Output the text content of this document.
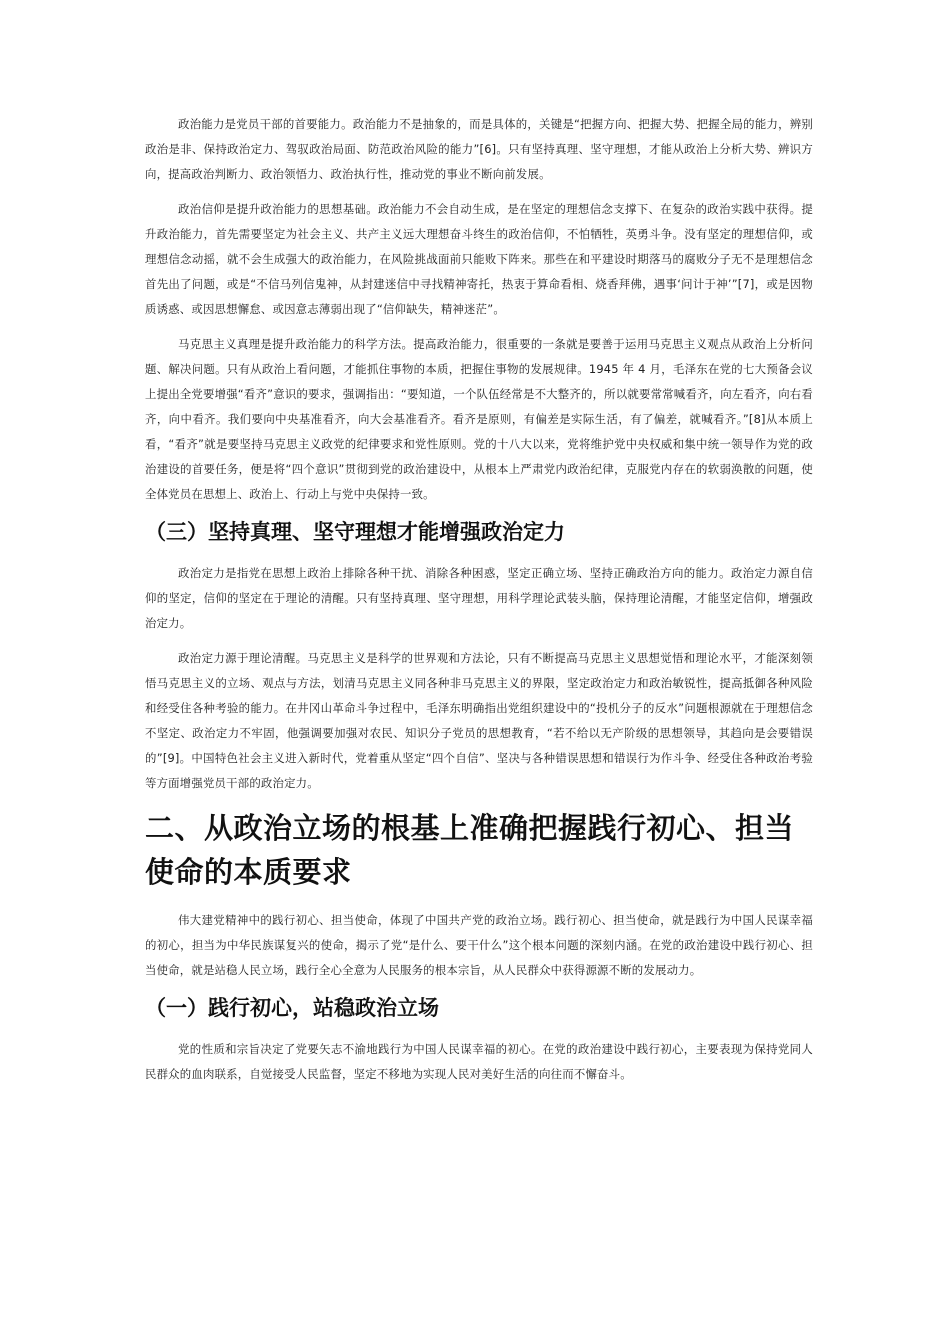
政治能力是党员干部的首要能力。政治能力不是抽象的，而是具体的，关键是“把握方向、把握大势、把握全局的能力，辨别政治是非、保持政治定力、驾驭政治局面、防范政治风险的能力”[6]。只有坚持真理、坚守理想，才能从政治上分析大势、辨识方向，提高政治判断力、政治领悟力、政治执行性，推动党的事业不断向前发展。

政治信仰是提升政治能力的思想基础。政治能力不会自动生成，是在坚定的理想信念支撑下、在复杂的政治实践中获得。提升政治能力，首先需要坚定为社会主义、共产主义远大理想奋斗终生的政治信仰，不怕牺牲，英勇斗争。没有坚定的理想信仰，或理想信念动摇，就不会生成强大的政治能力，在风险挑战面前只能败下阵来。那些在和平建设时期落马的腐败分子无不是理想信念首先出了问题，或是“不信马列信鬼神，从封建迷信中寻找精神寄托，热衷于算命看相、烧香拜佛，遇事‘问计于神’”[7]，或是因物质诱惑、或因思想懈怠、或因意志薄弱出现了“信仰缺失，精神迷茫”。

马克思主义真理是提升政治能力的科学方法。提高政治能力，很重要的一条就是要善于运用马克思主义观点从政治上分析问题、解决问题。只有从政治上看问题，才能抓住事物的本质，把握住事物的发展规律。1945 年 4 月，毛泽东在党的七大预备会议上提出全党要增强“看齐”意识的要求，强调指出：“要知道，一个队伍经常是不大整齐的，所以就要常常喊看齐，向左看齐，向右看齐，向中看齐。我们要向中央基准看齐，向大会基准看齐。看齐是原则，有偏差是实际生活，有了偏差，就喊看齐。”[8]从本质上看，“看齐”就是要坚持马克思主义政党的纪律要求和党性原则。党的十八大以来，党将维护党中央权威和集中统一领导作为党的政治建设的首要任务，便是将“四个意识”贯彻到党的政治建设中，从根本上严肃党内政治纪律，克服党内存在的软弱涣散的问题，使全体党员在思想上、政治上、行动上与党中央保持一致。

（三）坚持真理、坚守理想才能增强政治定力

政治定力是指党在思想上政治上排除各种干扰、消除各种困惑，坚定正确立场、坚持正确政治方向的能力。政治定力源自信仰的坚定，信仰的坚定在于理论的清醒。只有坚持真理、坚守理想，用科学理论武装头脑，保持理论清醒，才能坚定信仰，增强政治定力。

政治定力源于理论清醒。马克思主义是科学的世界观和方法论，只有不断提高马克思主义思想觉悟和理论水平，才能深刻领悟马克思主义的立场、观点与方法，划清马克思主义同各种非马克思主义的界限，坚定政治定力和政治敏锐性，提高抵御各种风险和经受住各种考验的能力。在井冈山革命斗争过程中，毛泽东明确指出党组织建设中的“投机分子的反水”问题根源就在于理想信念不坚定、政治定力不牢固，他强调要加强对农民、知识分子党员的思想教育，“若不给以无产阶级的思想领导，其趋向是会要错误的”[9]。中国特色社会主义进入新时代，党着重从坚定“四个自信”、坚决与各种错误思想和错误行为作斗争、经受住各种政治考验等方面增强党员干部的政治定力。

二、从政治立场的根基上准确把握践行初心、担当使命的本质要求

伟大建党精神中的践行初心、担当使命，体现了中国共产党的政治立场。践行初心、担当使命，就是践行为中国人民谋幸福的初心，担当为中华民族谋复兴的使命，揭示了党“是什么、要干什么”这个根本问题的深刻内涵。在党的政治建设中践行初心、担当使命，就是站稳人民立场，践行全心全意为人民服务的根本宗旨，从人民群众中获得源源不断的发展动力。

（一）践行初心，站稳政治立场

党的性质和宗旨决定了党要矢志不渝地践行为中国人民谋幸福的初心。在党的政治建设中践行初心，主要表现为保持党同人民群众的血肉联系，自觉接受人民监督，坚定不移地为实现人民对美好生活的向往而不懈奋斗。
